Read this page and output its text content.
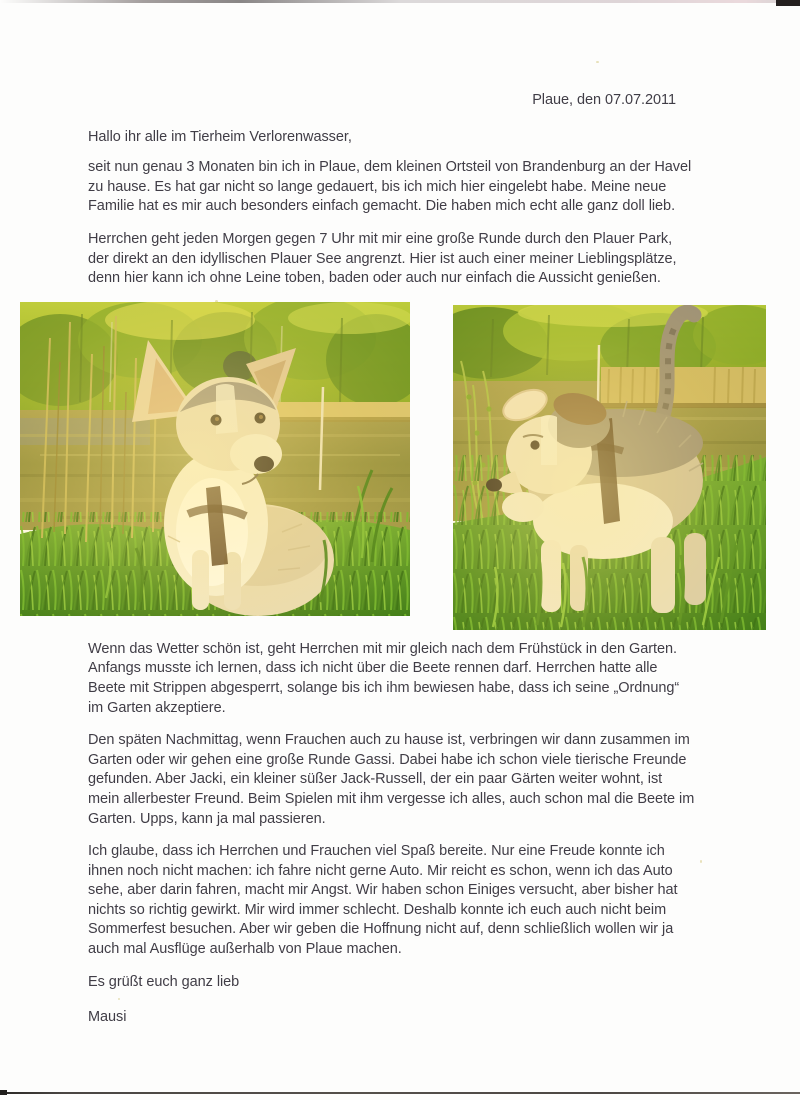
Plaue, den 07.07.2011
Hallo ihr alle im Tierheim Verlorenwasser,

seit nun genau 3 Monaten bin ich in Plaue, dem kleinen Ortsteil von Brandenburg an der Havel zu hause. Es hat gar nicht so lange gedauert, bis ich mich hier eingelebt habe. Meine neue Familie hat es mir auch besonders einfach gemacht. Die haben mich echt alle ganz doll lieb.

Herrchen geht jeden Morgen gegen 7 Uhr mit mir eine große Runde durch den Plauer Park, der direkt an den idyllischen Plauer See angrenzt. Hier ist auch einer meiner Lieblingsplätze, denn hier kann ich ohne Leine toben, baden oder auch nur einfach die Aussicht genießen.

Wenn das Wetter schön ist, geht Herrchen mit mir gleich nach dem Frühstück in den Garten. Anfangs musste ich lernen, dass ich nicht über die Beete rennen darf. Herrchen hatte alle Beete mit Strippen abgesperrt, solange bis ich ihm bewiesen habe, dass ich seine „Ordnung“ im Garten akzeptiere.

Den späten Nachmittag, wenn Frauchen auch zu hause ist, verbringen wir dann zusammen im Garten oder wir gehen eine große Runde Gassi. Dabei habe ich schon viele tierische Freunde gefunden. Aber Jacki, ein kleiner süßer Jack-Russell, der ein paar Gärten weiter wohnt, ist mein allerbester Freund. Beim Spielen mit ihm vergesse ich alles, auch schon mal die Beete im Garten. Upps, kann ja mal passieren.

Ich glaube, dass ich Herrchen und Frauchen viel Spaß bereite. Nur eine Freude konnte ich ihnen noch nicht machen: ich fahre nicht gerne Auto. Mir reicht es schon, wenn ich das Auto sehe, aber darin fahren, macht mir Angst. Wir haben schon Einiges versucht, aber bisher hat nichts so richtig gewirkt. Mir wird immer schlecht. Deshalb konnte ich euch auch nicht beim Sommerfest besuchen. Aber wir geben die Hoffnung nicht auf, denn schließlich wollen wir ja auch mal Ausflüge außerhalb von Plaue machen.

Es grüßt euch ganz lieb
Mausi
